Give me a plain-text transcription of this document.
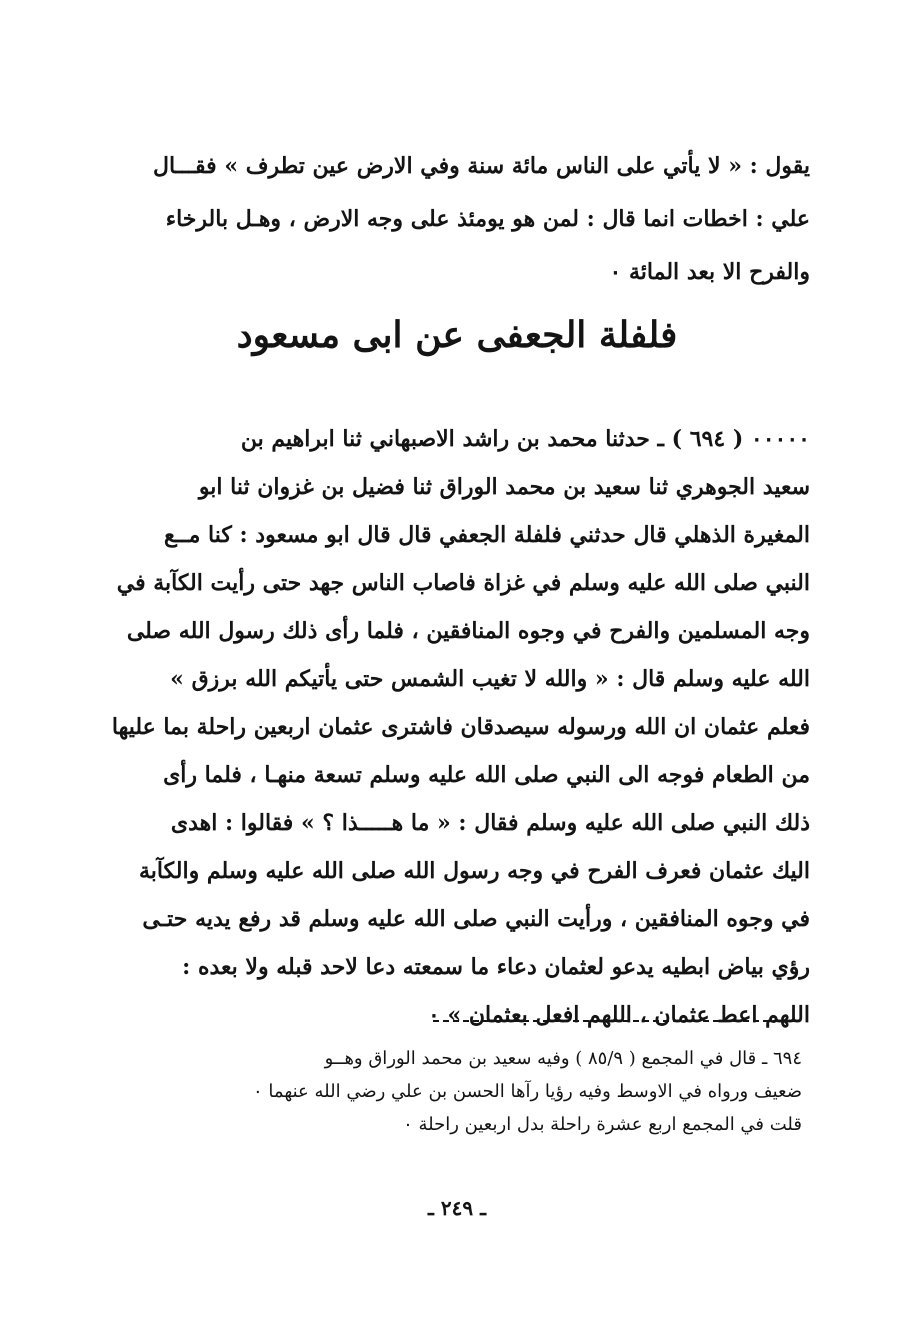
يقول : « لا يأتي على الناس مائة سنة وفي الارض عين تطرف » فقـــال
علي : اخطات انما قال : لمن هو يومئذ على وجه الارض ، وهـل بالرخاء
والفرح الا بعد المائة ٠
فلفلة الجعفى عن ابى مسعود
٠٠٠٠٠ ( ٦٩٤ ) ـ حدثنا محمد بن راشد الاصبهاني ثنا ابراهيم بن
سعيد الجوهري ثنا سعيد بن محمد الوراق ثنا فضيل بن غزوان ثنا ابو
المغيرة الذهلي قال حدثني فلفلة الجعفي قال قال ابو مسعود : كنا مــع
النبي صلى الله عليه وسلم في غزاة فاصاب الناس جهد حتى رأيت الكآبة في
وجه المسلمين والفرح في وجوه المنافقين ، فلما رأى ذلك رسول الله صلى
الله عليه وسلم قال : « والله لا تغيب الشمس حتى يأتيكم الله برزق »
فعلم عثمان ان الله ورسوله سيصدقان فاشترى عثمان اربعين راحلة بما عليها
من الطعام فوجه الى النبي صلى الله عليه وسلم تسعة منهـا ، فلما رأى
ذلك النبي صلى الله عليه وسلم فقال : « ما هـــــذا ؟ » فقالوا : اهدى
اليك عثمان فعرف الفرح في وجه رسول الله صلى الله عليه وسلم والكآبة
في وجوه المنافقين ، ورأيت النبي صلى الله عليه وسلم قد رفع يديه حتـى
رؤي بياض ابطيه يدعو لعثمان دعاء ما سمعته دعا لاحد قبله ولا بعده :
اللهم اعط عثمان ، اللهم افعل بعثمان » ٠
٦٩٤ ـ قال في المجمع ( ٨٥/٩ ) وفيه سعيد بن محمد الوراق وهــو
ضعيف ورواه في الاوسط وفيه رؤيا رآها الحسن بن علي رضي الله عنهما ٠
قلت في المجمع اربع عشرة راحلة بدل اربعين راحلة ٠
ـ ٢٤٩ ـ
